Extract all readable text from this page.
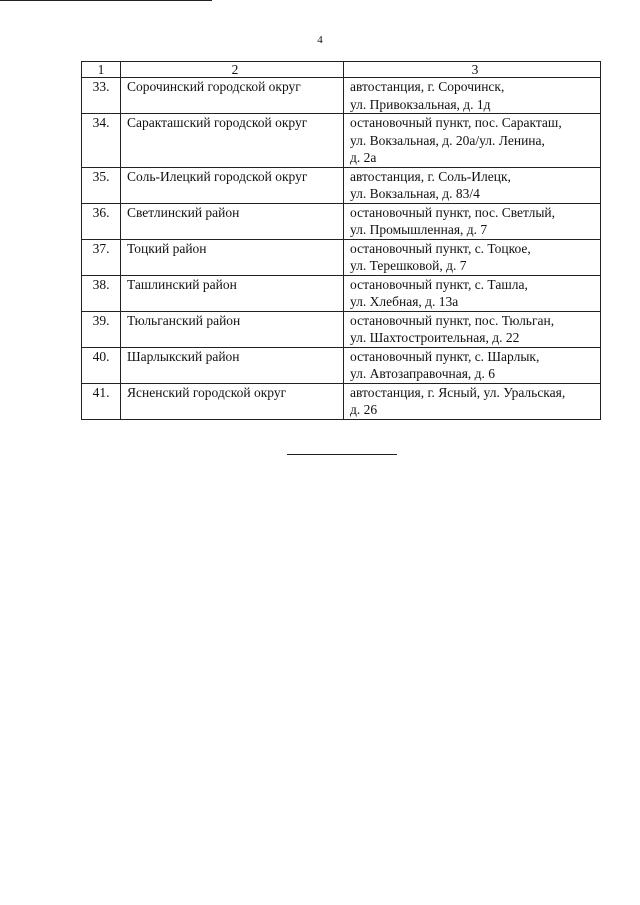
4
1	2	3
33.	Сорочинский городской округ	автостанция, г. Сорочинск,
ул. Привокзальная, д. 1д

34.	Саракташский городской округ	остановочный пункт, пос. Саракташ,
ул. Вокзальная, д. 20а/ул. Ленина,
д. 2а

35.	Соль-Илецкий городской округ	автостанция, г. Соль-Илецк,
ул. Вокзальная, д. 83/4

36.	Светлинский район	остановочный пункт, пос. Светлый,
ул. Промышленная, д. 7

37.	Тоцкий район	остановочный пункт, с. Тоцкое,
ул. Терешковой, д. 7

38.	Ташлинский район	остановочный пункт, с. Ташла,
ул. Хлебная, д. 13а

39.	Тюльганский район	остановочный пункт, пос. Тюльган,
ул. Шахтостроительная, д. 22

40.	Шарлыкский район	остановочный пункт, с. Шарлык,
ул. Автозаправочная, д. 6

41.	Ясненский городской округ	автостанция, г. Ясный, ул. Уральская,
д. 26
